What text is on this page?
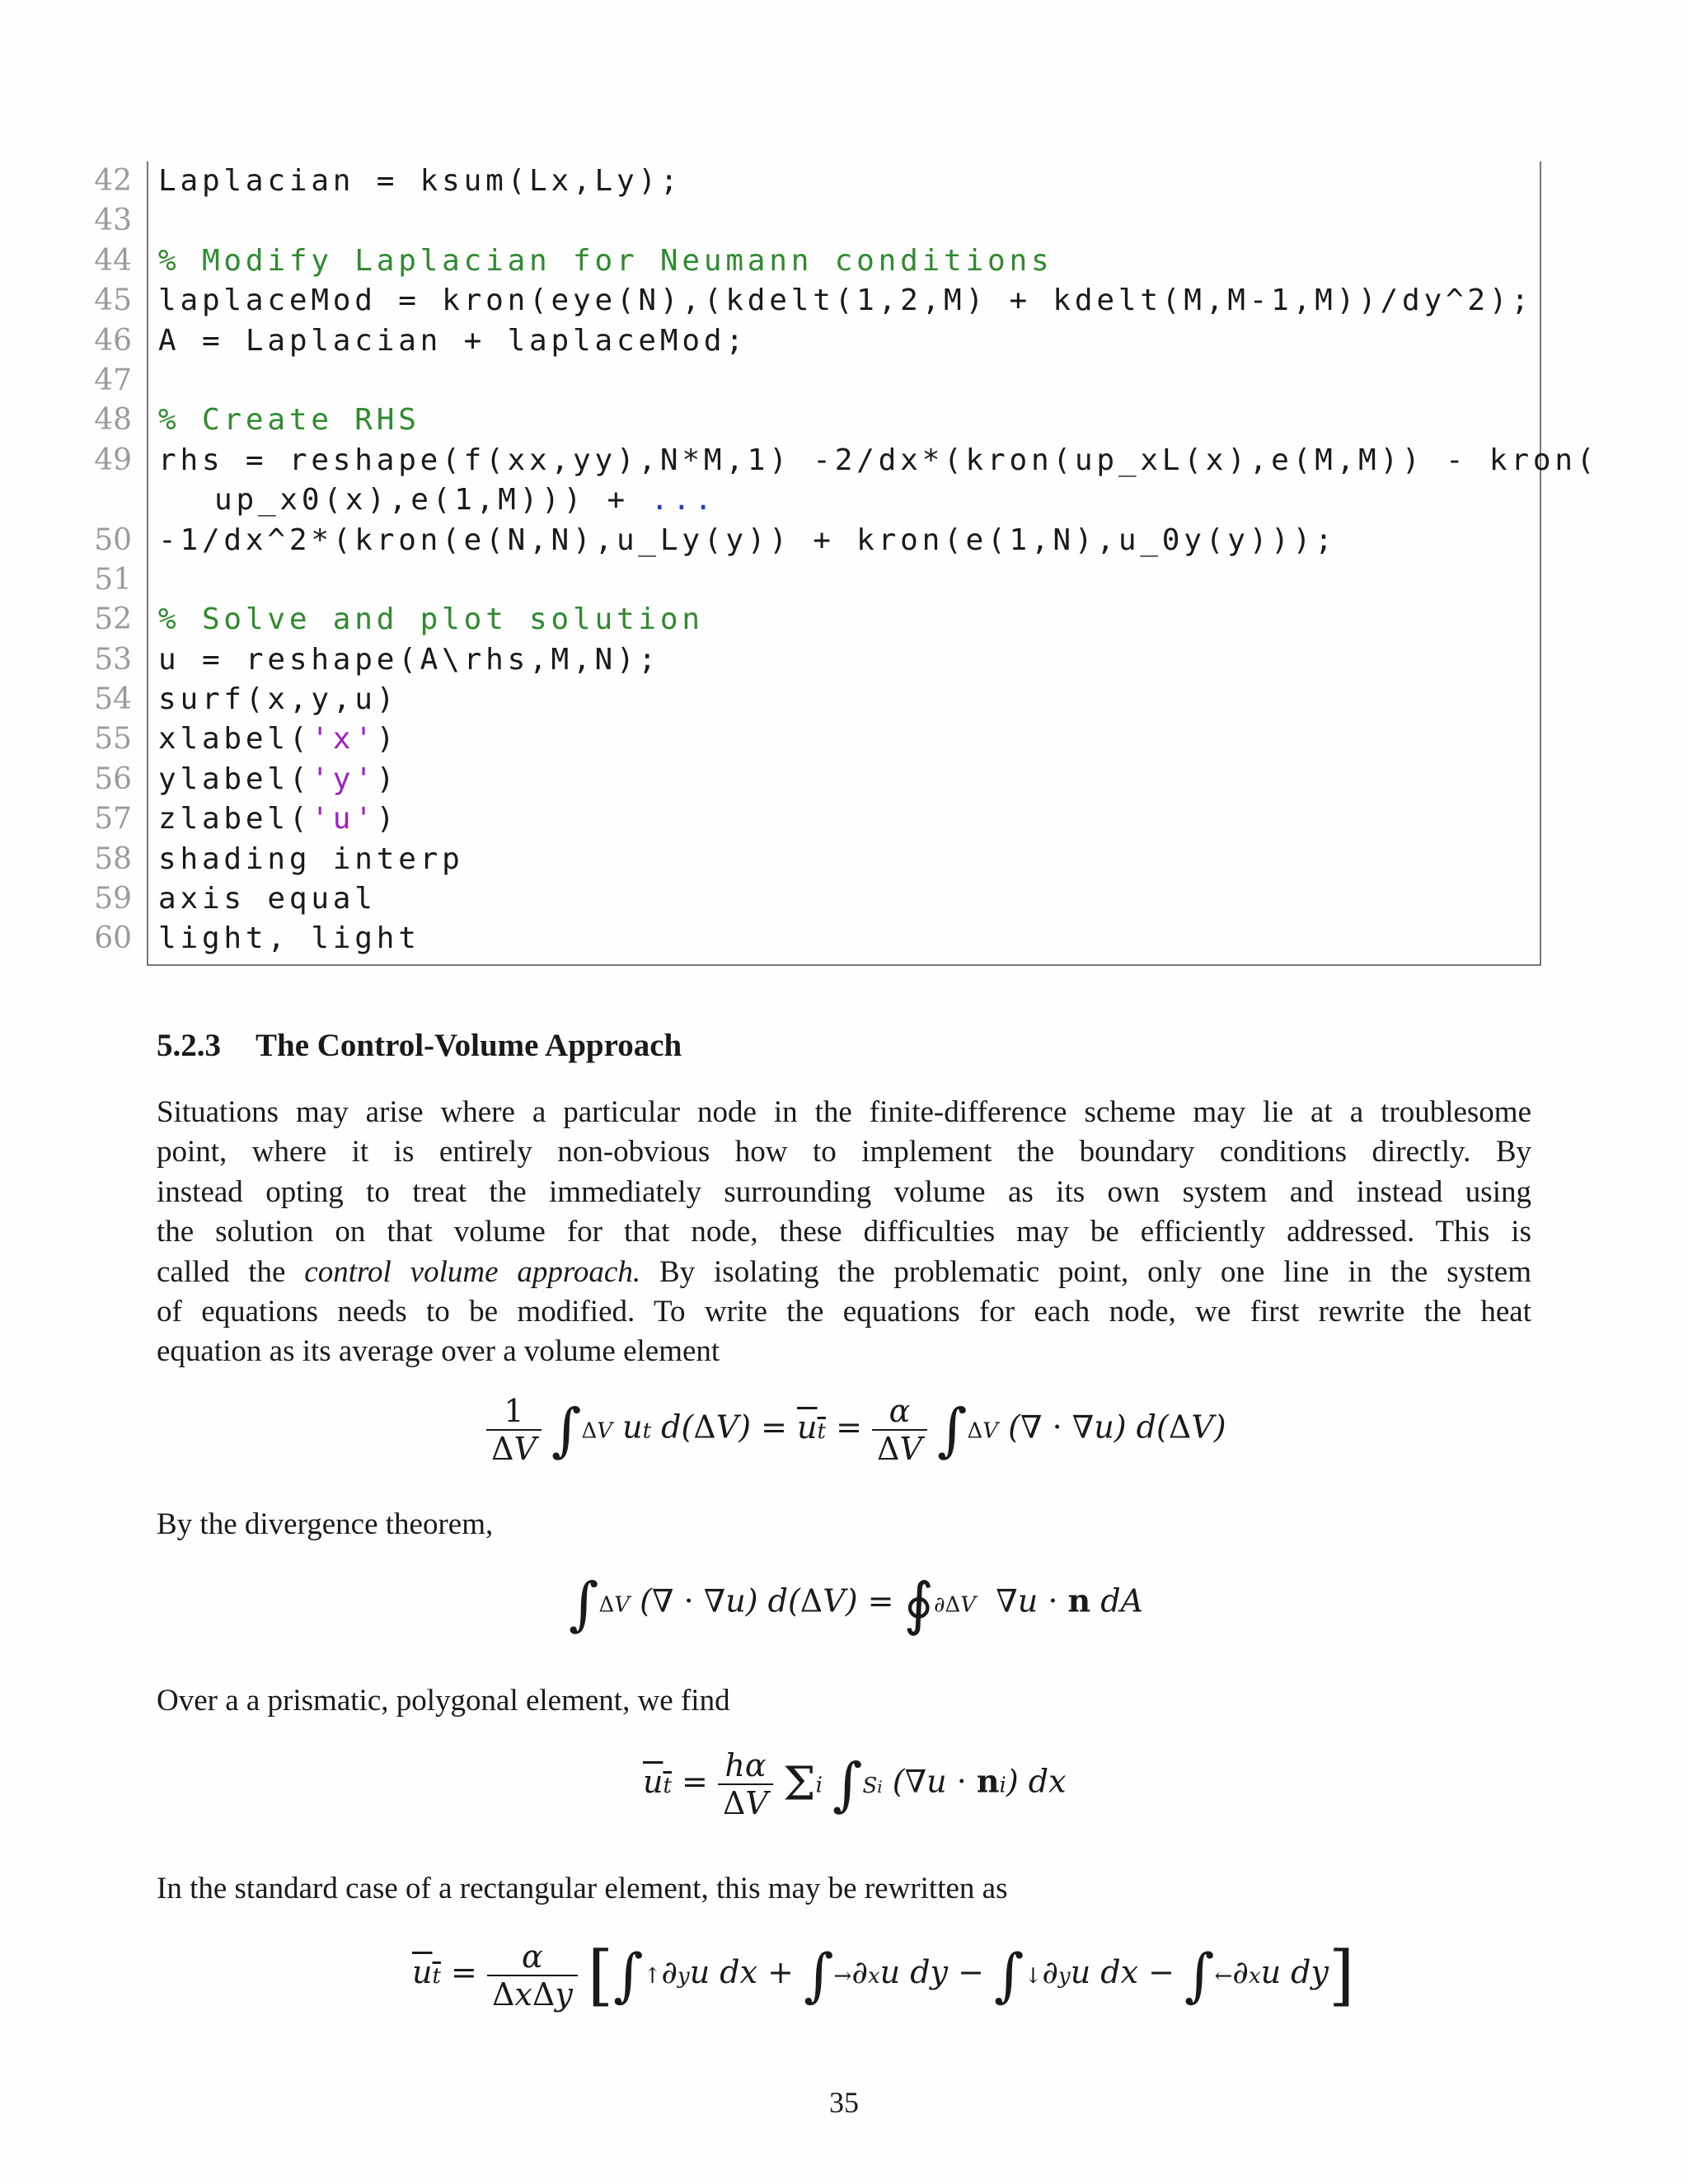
42
43
44
45
46
47
48
49
50
51
52
53
54
55
56
57
58
59
60
Laplacian = ksum(Lx,Ly);

% Modify Laplacian for Neumann conditions
laplaceMod = kron(eye(N),(kdelt(1,2,M) + kdelt(M,M-1,M))/dy^2);
A = Laplacian + laplaceMod;

% Create RHS
rhs = reshape(f(xx,yy),N*M,1) -2/dx*(kron(up_xL(x),e(M,M)) - kron(
up_x0(x),e(1,M))) + ...
-1/dx^2*(kron(e(N,N),u_Ly(y)) + kron(e(1,N),u_0y(y)));

% Solve and plot solution
u = reshape(A\rhs,M,N);
surf(x,y,u)
xlabel('x')
ylabel('y')
zlabel('u')
shading interp
axis equal
light, light
5.2.3 The Control-Volume Approach
Situations may arise where a particular node in the finite-difference scheme may lie at a troublesome
point, where it is entirely non-obvious how to implement the boundary conditions directly. By
instead opting to treat the immediately surrounding volume as its own system and instead using
the solution on that volume for that node, these difficulties may be efficiently addressed. This is
called the control volume approach. By isolating the problematic point, only one line in the system
of equations needs to be modified. To write the equations for each node, we first rewrite the heat
equation as its average over a volume element
$\frac{1}{\Delta V} \int\Delta V$ ut d(ΔV) = ut = $\frac{\alpha}{\Delta V} \int\Delta V$ (∇ · ∇u) d(ΔV)
By the divergence theorem,
∫ΔV (∇ · ∇u) d(ΔV) = ∮∂ΔV ∇u · n dA
Over a a prismatic, polygonal element, we find
ut = $\frac{h\alpha}{\Delta V}$ Σi ∫Si (∇u · ni) dx
In the standard case of a rectangular element, this may be rewritten as
ut = $\frac{\alpha}{\text{ΔxΔy}}$ [∫↑∂yu dx + ∫→∂xu dy − ∫↓∂yu dx − ∫←∂xu dy]
35
